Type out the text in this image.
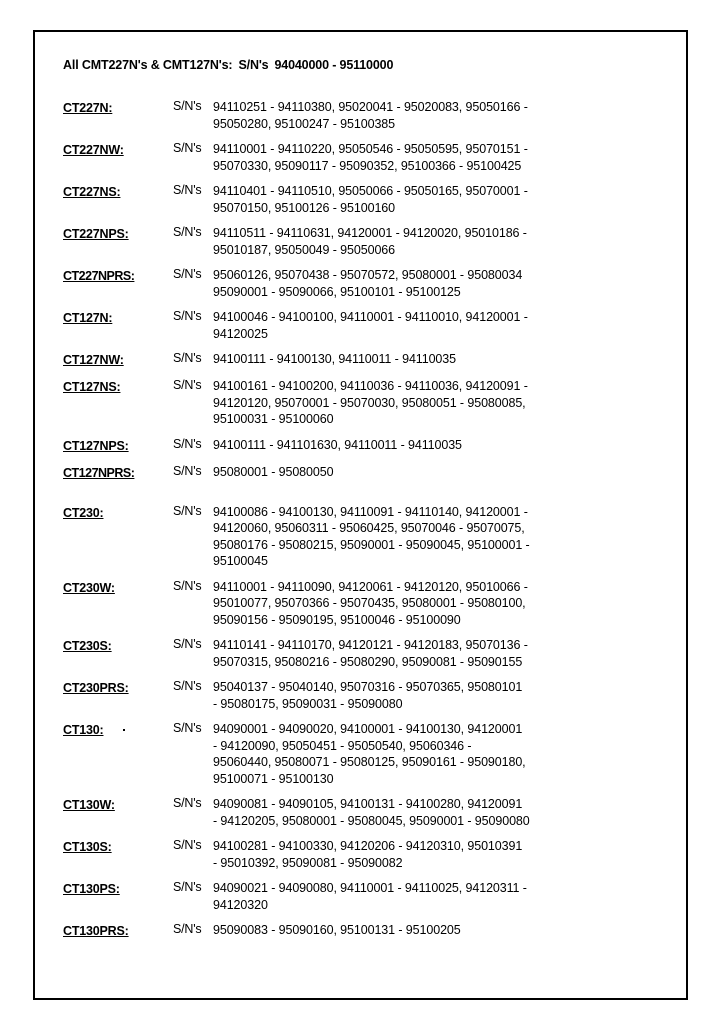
All CMT227N's & CMT127N's: S/N's 94040000 - 95110000
CT227N:	S/N's 94110251 - 94110380, 95020041 - 95020083, 95050166 -
95050280, 95100247 - 95100385
CT227NW:	S/N's 94110001 - 94110220, 95050546 - 95050595, 95070151 -
95070330, 95090117 - 95090352, 95100366 - 95100425
CT227NS:	S/N's 94110401 - 94110510, 95050066 - 95050165, 95070001 -
95070150, 95100126 - 95100160
CT227NPS:	S/N's 94110511 - 94110631, 94120001 - 94120020, 95010186 -
95010187, 95050049 - 95050066
CT227NPRS:	S/N's 95060126, 95070438 - 95070572, 95080001 - 95080034
95090001 - 95090066, 95100101 - 95100125
CT127N:	S/N's 94100046 - 94100100, 94110001 - 94110010, 94120001 -
94120025
CT127NW:	S/N's 94100111 - 94100130, 94110011 - 94110035
CT127NS:	S/N's 94100161 - 94100200, 94110036 - 94110036, 94120091 -
94120120, 95070001 - 95070030, 95080051 - 95080085,
95100031 - 95100060
CT127NPS:	S/N's 94100111 - 941101630, 94110011 - 94110035
CT127NPRS:	S/N's 95080001 - 95080050
CT230:	S/N's 94100086 - 94100130, 94110091 - 94110140, 94120001 -
94120060, 95060311 - 95060425, 95070046 - 95070075,
95080176 - 95080215, 95090001 - 95090045, 95100001 -
95100045
CT230W:	S/N's 94110001 - 94110090, 94120061 - 94120120, 95010066 -
95010077, 95070366 - 95070435, 95080001 - 95080100,
95090156 - 95090195, 95100046 - 95100090
CT230S:	S/N's 94110141 - 94110170, 94120121 - 94120183, 95070136 -
95070315, 95080216 - 95080290, 95090081 - 95090155
CT230PRS:	S/N's 95040137 - 95040140, 95070316 - 95070365, 95080101
- 95080175, 95090031 - 95090080
CT130:	S/N's 94090001 - 94090020, 94100001 - 94100130, 94120001
- 94120090, 95050451 - 95050540, 95060346 -
95060440, 95080071 - 95080125, 95090161 - 95090180,
95100071 - 95100130
CT130W:	S/N's 94090081 - 94090105, 94100131 - 94100280, 94120091
- 94120205, 95080001 - 95080045, 95090001 - 95090080
CT130S:	S/N's 94100281 - 94100330, 94120206 - 94120310, 95010391
- 95010392, 95090081 - 95090082
CT130PS:	S/N's 94090021 - 94090080, 94110001 - 94110025, 94120311 -
94120320
CT130PRS:	S/N's 95090083 - 95090160, 95100131 - 95100205
